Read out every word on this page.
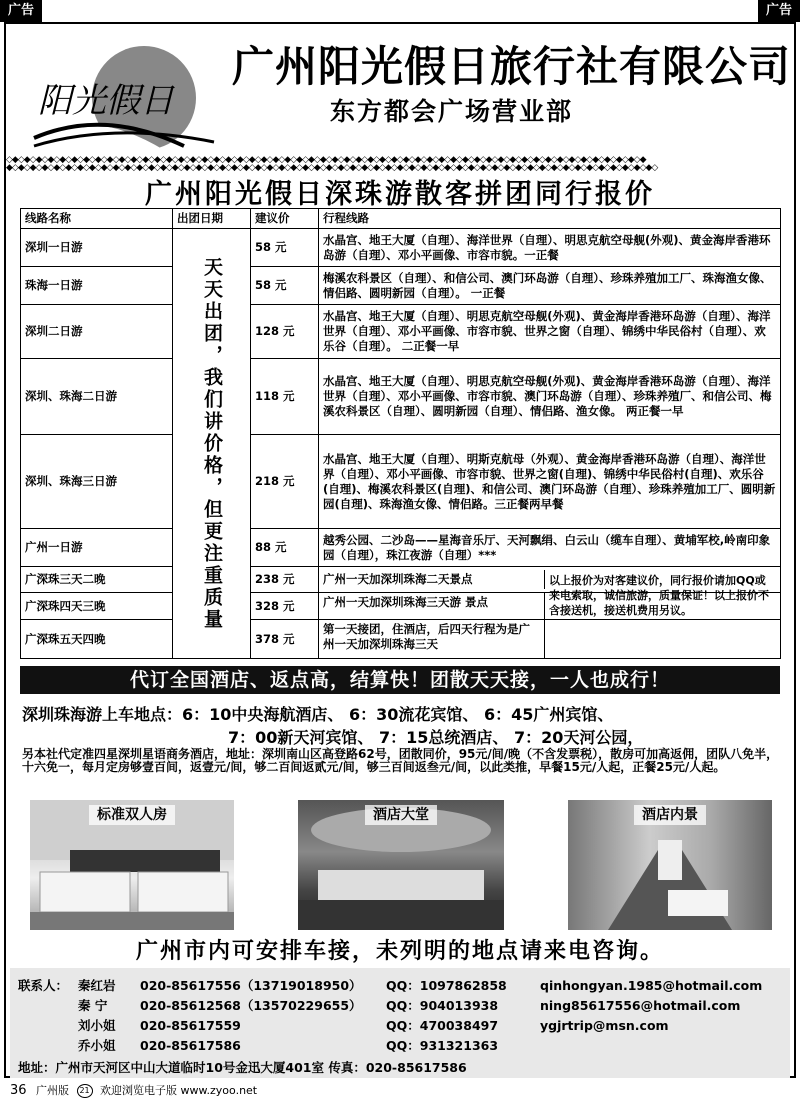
广告	广告
阳光假日
广州阳光假日旅行社有限公司
东方都会广场营业部
◇◆◇◆◇◆◇◆◇◆◇◆◇◆◇◆◇◆◇◆◇◆◇◆◇◆◇◆◇◆◇◆◇◆◇◆◇◆◇◆◇◆◇◆◇◆◇◆◇◆◇◆◇◆◇◆◇◆◇◆◇◆◇◆◇◆◇◆◇◆◇◆◇◆◇◆◇◆◇◆◇◆◇◆◇◆◇◆◇◆◇◆◇◆◇◆◇◆◇◆◇◆◇◆◇◆◇◆
◆◇◆◇◆◇◆◇◆◇◆◇◆◇◆◇◆◇◆◇◆◇◆◇◆◇◆◇◆◇◆◇◆◇◆◇◆◇◆◇◆◇◆◇◆◇◆◇◆◇◆◇◆◇◆◇◆◇◆◇◆◇◆◇◆◇◆◇◆◇◆◇◆◇◆◇◆◇◆◇◆◇◆◇◆◇◆◇◆◇◆◇◆◇◆◇◆◇◆◇◆◇◆◇◆◇◆◇◆◇
广州阳光假日深珠游散客拼团同行报价
线路名称	出团日期	建议价	行程线路
深圳一日游	天天出团，我们讲价格，但更注重质量	58 元	水晶宫、地王大厦（自理）、海洋世界（自理）、明思克航空母舰(外观)、黄金海岸香港环岛游（自理）、邓小平画像、市容市貌。一正餐
珠海一日游		58 元	梅溪农科景区（自理）、和信公司、澳门环岛游（自理）、珍珠养殖加工厂、珠海渔女像、情侣路、圆明新园（自理）。 一正餐
深圳二日游		128 元	水晶宫、地王大厦（自理）、明思克航空母舰(外观)、黄金海岸香港环岛游（自理）、海洋世界（自理）、邓小平画像、市容市貌、世界之窗（自理）、锦绣中华民俗村（自理）、欢乐谷（自理）。 二正餐一早
深圳、珠海二日游		118 元	水晶宫、地王大厦（自理）、明思克航空母舰(外观)、黄金海岸香港环岛游（自理）、海洋世界（自理）、邓小平画像、市容市貌、澳门环岛游（自理）、珍珠养殖厂、和信公司、梅溪农科景区（自理）、圆明新园（自理）、情侣路、渔女像。 两正餐一早
深圳、珠海三日游		218 元	水晶宫、地王大厦（自理）、明斯克航母（外观）、黄金海岸香港环岛游（自理）、海洋世界（自理）、邓小平画像、市容市貌、世界之窗(自理)、锦绣中华民俗村(自理)、欢乐谷(自理)、梅溪农科景区(自理)、和信公司、澳门环岛游（自理）、珍珠养殖加工厂、圆明新园(自理)、珠海渔女像、情侣路。三正餐两早餐
广州一日游		88 元	越秀公园、二沙岛——星海音乐厅、天河飘绢、白云山（缆车自理）、黄埔军校,岭南印象园（自理），珠江夜游（自理）***
广深珠三天二晚		238 元	广州一天加深圳珠海二天景点 以上报价为对客建议价，同行报价请加QQ或来电索取，诚信旅游，质量保证！以上报价不含接送机，接送机费用另议。

广深珠四天三晚		328 元	广州一天加深圳珠海三天游 景点

广深珠五天四晚		378 元	第一天接团，住酒店，后四天行程为是广州一天加深圳珠海三天
代订全国酒店、返点高，结算快！团散天天接，一人也成行！
深圳珠海游上车地点：6：10中央海航酒店、 6：30流花宾馆、 6：45广州宾馆、
7：00新天河宾馆、 7：15总统酒店、 7：20天河公园，
另本社代定准四星深圳星语商务酒店，地址：深圳南山区高登路62号，团散同价，95元/间/晚（不含发票税），散房可加高返佣，团队八免半，十六免一，每月定房够壹百间，返壹元/间，够二百间返贰元/间，够三百间返叁元/间，以此类推，早餐15元/人起，正餐25元/人起。
标准双人房	酒店大堂	酒店内景
广州市内可安排车接，未列明的地点请来电咨询。
联系人： 秦红岩 020-85617556（13719018950） QQ：1097862858	qinhongyan.1985@hotmail.com
秦 宁	020-85612568（13570229655） QQ：904013938	ning85617556@hotmail.com
刘小姐 020-85617559	QQ：470038497	ygjrtrip@msn.com
乔小姐 020-85617586	QQ：931321363
地址：广州市天河区中山大道临时10号金迅大厦401室 传真：020-85617586
36 广州版 21 欢迎浏览电子版 www.zyoo.net
